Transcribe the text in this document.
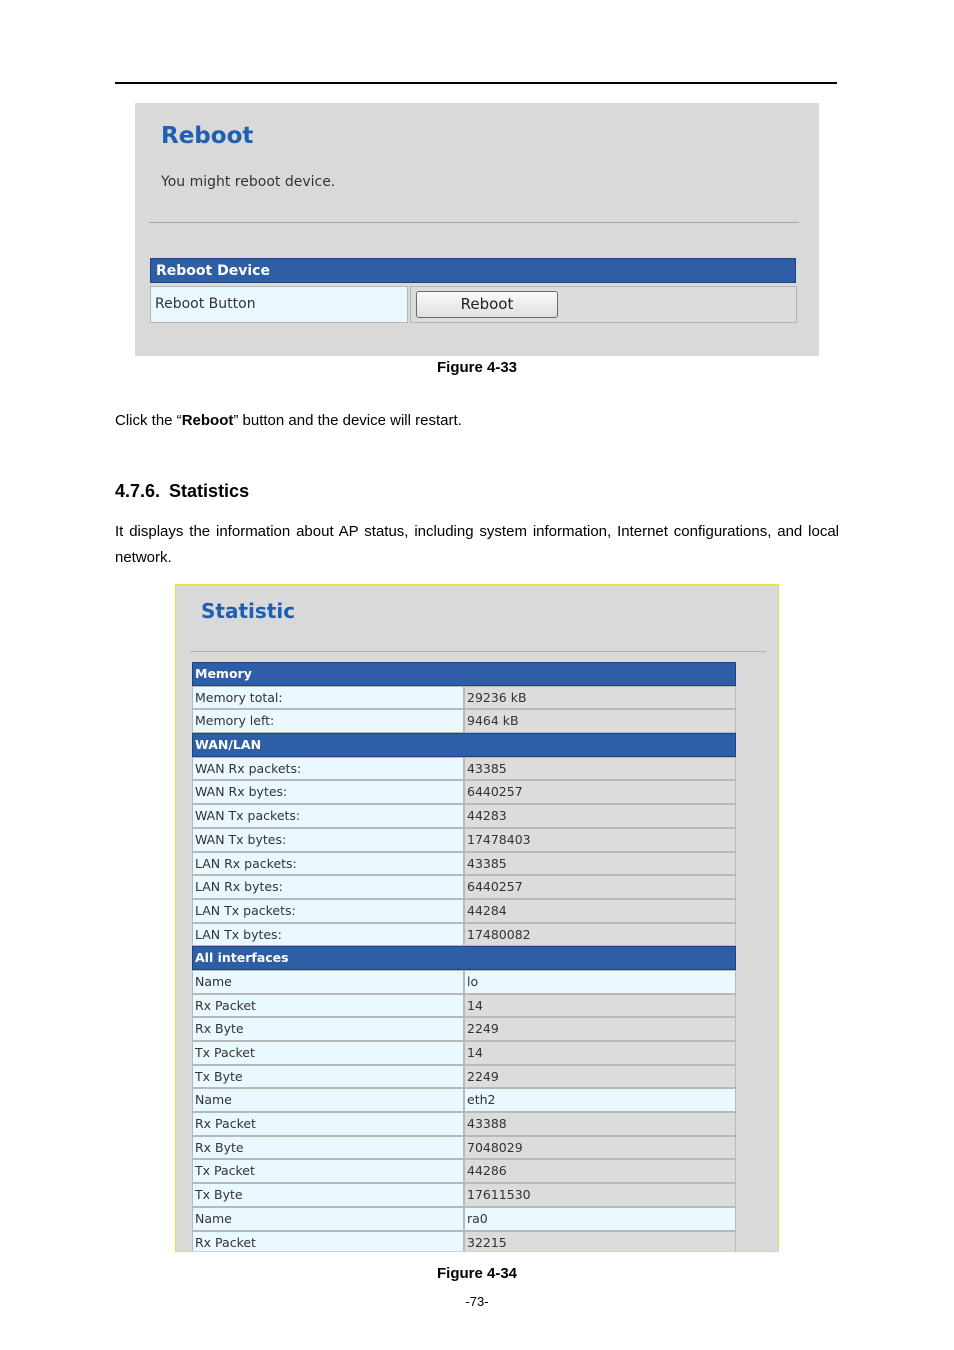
Reboot
You might reboot device.
Reboot Device
Reboot Button	Reboot
Figure 4-33
Click the “Reboot” button and the device will restart.
4.7.6. Statistics
It displays the information about AP status, including system information, Internet configurations, and local network.
Statistic
Memory
Memory total:	29236 kB
Memory left:	9464 kB
WAN/LAN
WAN Rx packets:	43385
WAN Rx bytes:	6440257
WAN Tx packets:	44283
WAN Tx bytes:	17478403
LAN Rx packets:	43385
LAN Rx bytes:	6440257
LAN Tx packets:	44284
LAN Tx bytes:	17480082
All interfaces
Name	lo
Rx Packet	14
Rx Byte	2249
Tx Packet	14
Tx Byte	2249
Name	eth2
Rx Packet	43388
Rx Byte	7048029
Tx Packet	44286
Tx Byte	17611530
Name	ra0
Rx Packet	32215
Figure 4-34
-73-
